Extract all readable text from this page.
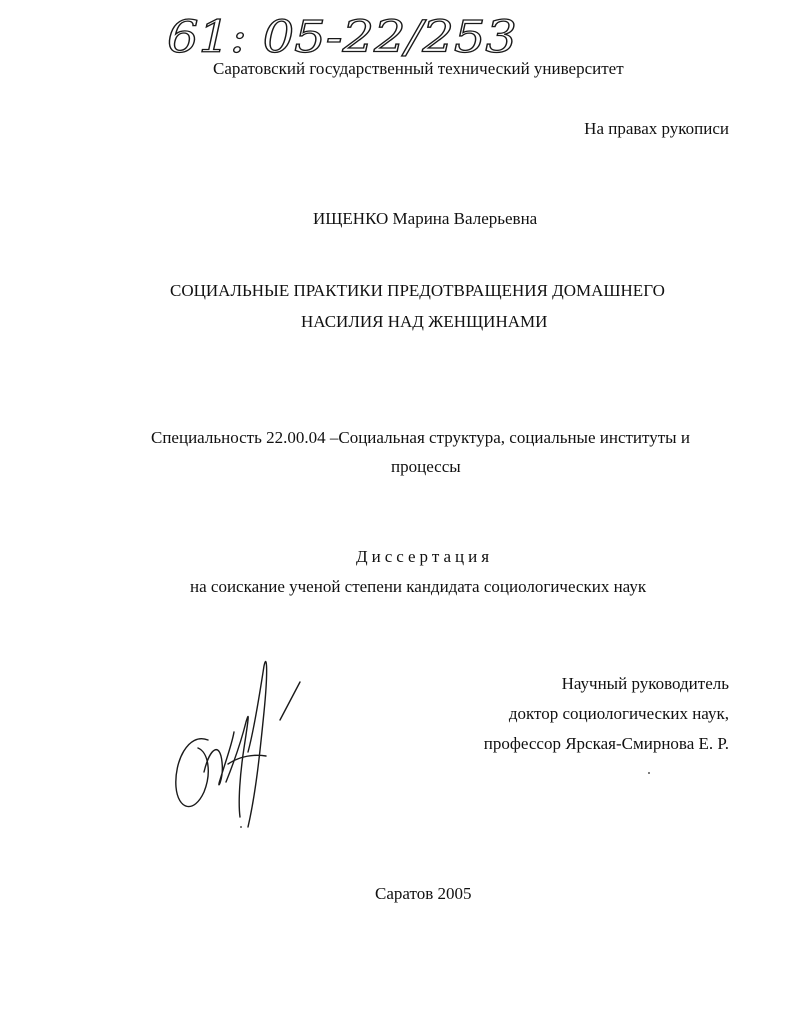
61: 05-22/253

Саратовский государственный технический университет

На правах рукописи

ИЩЕНКО Марина Валерьевна

СОЦИАЛЬНЫЕ ПРАКТИКИ ПРЕДОТВРАЩЕНИЯ ДОМАШНЕГО

НАСИЛИЯ НАД ЖЕНЩИНАМИ

Специальность 22.00.04 –Социальная структура, социальные институты и

процессы

Диссертация

на соискание ученой степени кандидата социологических наук

Научный руководитель

доктор социологических наук,

профессор Ярская-Смирнова Е. Р.

Саратов 2005
